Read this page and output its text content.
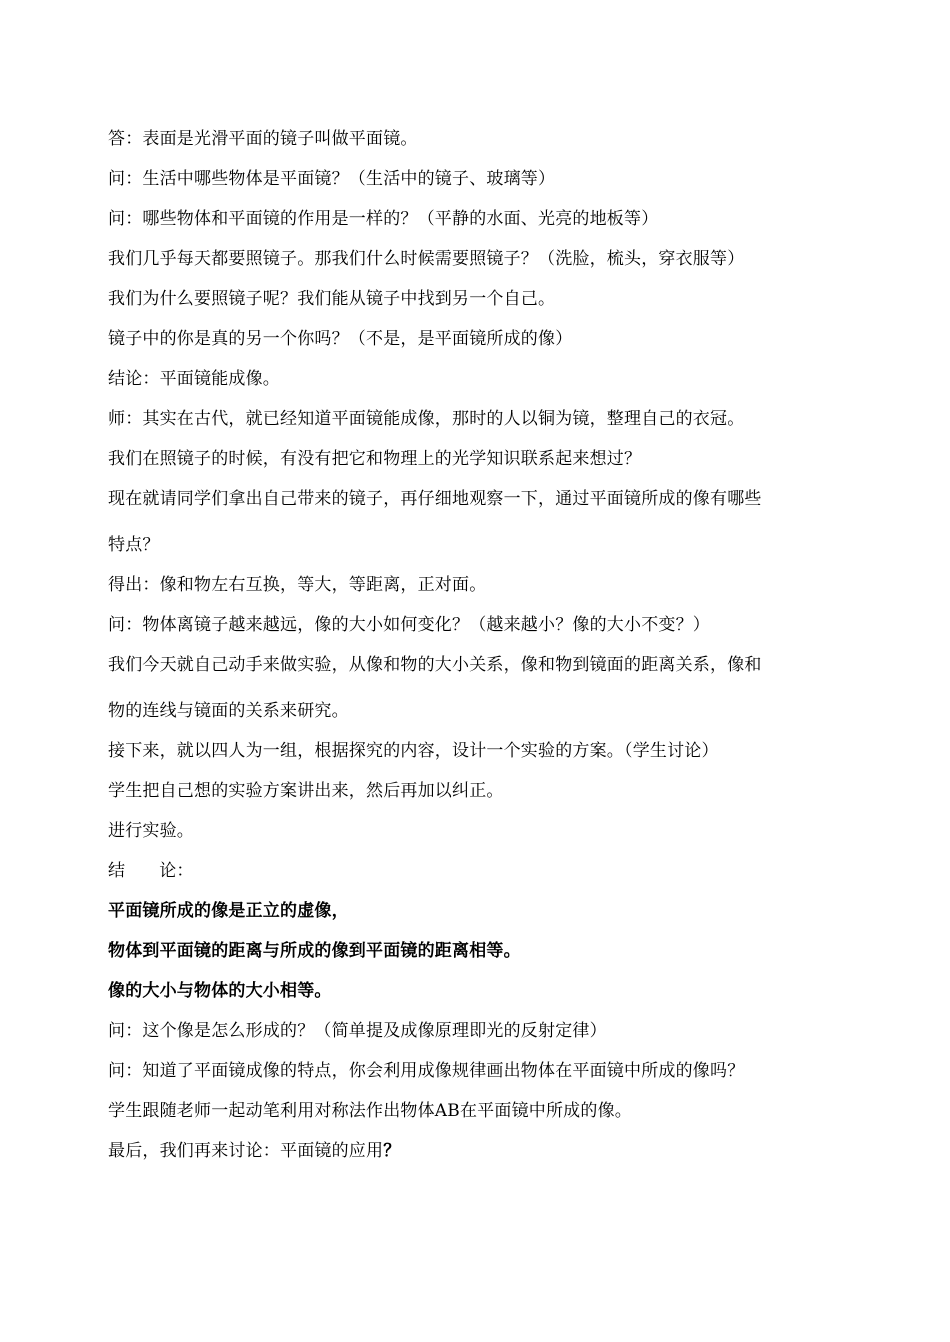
答：表面是光滑平面的镜子叫做平面镜。

问：生活中哪些物体是平面镜？（生活中的镜子、玻璃等）

问：哪些物体和平面镜的作用是一样的？（平静的水面、光亮的地板等）

我们几乎每天都要照镜子。那我们什么时候需要照镜子？（洗脸，梳头，穿衣服等）

我们为什么要照镜子呢？我们能从镜子中找到另一个自己。

镜子中的你是真的另一个你吗？（不是，是平面镜所成的像）

结论：平面镜能成像。

师：其实在古代，就已经知道平面镜能成像，那时的人以铜为镜，整理自己的衣冠。

我们在照镜子的时候，有没有把它和物理上的光学知识联系起来想过？

现在就请同学们拿出自己带来的镜子，再仔细地观察一下，通过平面镜所成的像有哪些
特点？

得出：像和物左右互换，等大，等距离，正对面。

问：物体离镜子越来越远，像的大小如何变化？（越来越小？像的大小不变？）

我们今天就自己动手来做实验，从像和物的大小关系，像和物到镜面的距离关系，像和
物的连线与镜面的关系来研究。

接下来，就以四人为一组，根据探究的内容，设计一个实验的方案。（学生讨论）

学生把自己想的实验方案讲出来，然后再加以纠正。

进行实验。

结 论：

平面镜所成的像是正立的虚像，

物体到平面镜的距离与所成的像到平面镜的距离相等。

像的大小与物体的大小相等。

问：这个像是怎么形成的？（简单提及成像原理即光的反射定律）

问：知道了平面镜成像的特点，你会利用成像规律画出物体在平面镜中所成的像吗？

学生跟随老师一起动笔利用对称法作出物体AB在平面镜中所成的像。

最后，我们再来讨论：平面镜的应用？
